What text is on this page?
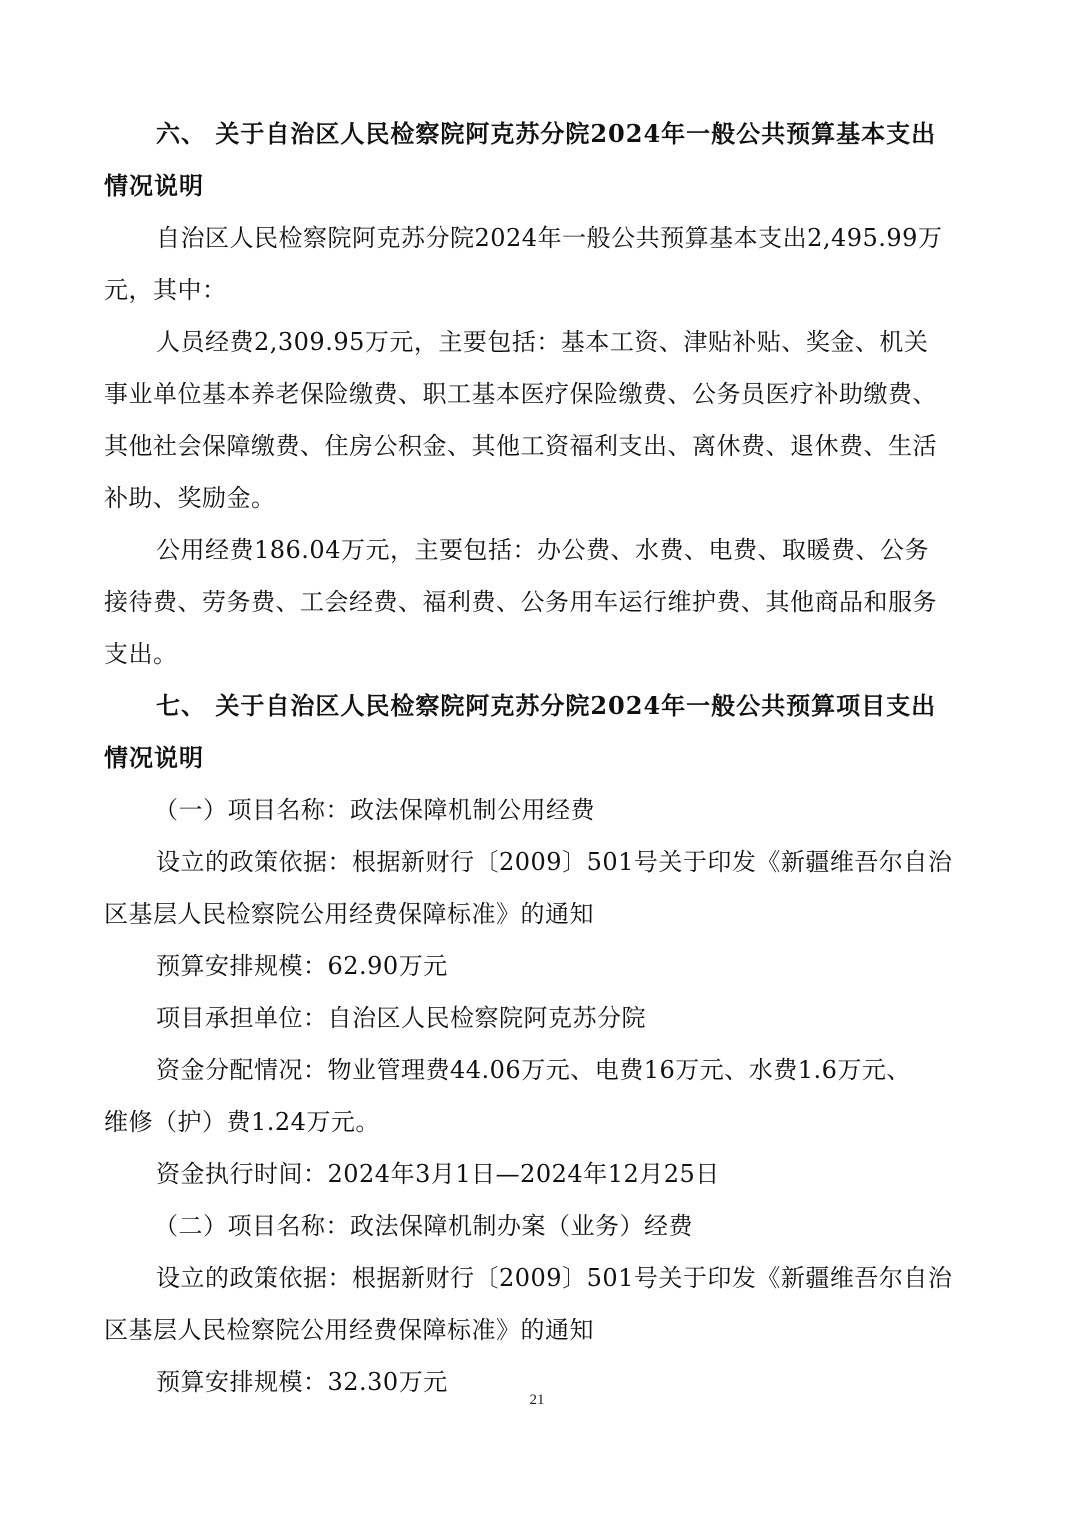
六、 关于自治区人民检察院阿克苏分院2024年一般公共预算基本支出
情况说明
自治区人民检察院阿克苏分院2024年一般公共预算基本支出2,495.99万
元，其中：
人员经费2,309.95万元，主要包括：基本工资、津贴补贴、奖金、机关
事业单位基本养老保险缴费、职工基本医疗保险缴费、公务员医疗补助缴费、
其他社会保障缴费、住房公积金、其他工资福利支出、离休费、退休费、生活
补助、奖励金。
公用经费186.04万元，主要包括：办公费、水费、电费、取暖费、公务
接待费、劳务费、工会经费、福利费、公务用车运行维护费、其他商品和服务
支出。
七、 关于自治区人民检察院阿克苏分院2024年一般公共预算项目支出
情况说明
（一）项目名称：政法保障机制公用经费
设立的政策依据：根据新财行〔2009〕501号关于印发《新疆维吾尔自治
区基层人民检察院公用经费保障标准》的通知
预算安排规模：62.90万元
项目承担单位：自治区人民检察院阿克苏分院
资金分配情况：物业管理费44.06万元、电费16万元、水费1.6万元、
维修（护）费1.24万元。
资金执行时间：2024年3月1日—2024年12月25日
（二）项目名称：政法保障机制办案（业务）经费
设立的政策依据：根据新财行〔2009〕501号关于印发《新疆维吾尔自治
区基层人民检察院公用经费保障标准》的通知
预算安排规模：32.30万元
21
